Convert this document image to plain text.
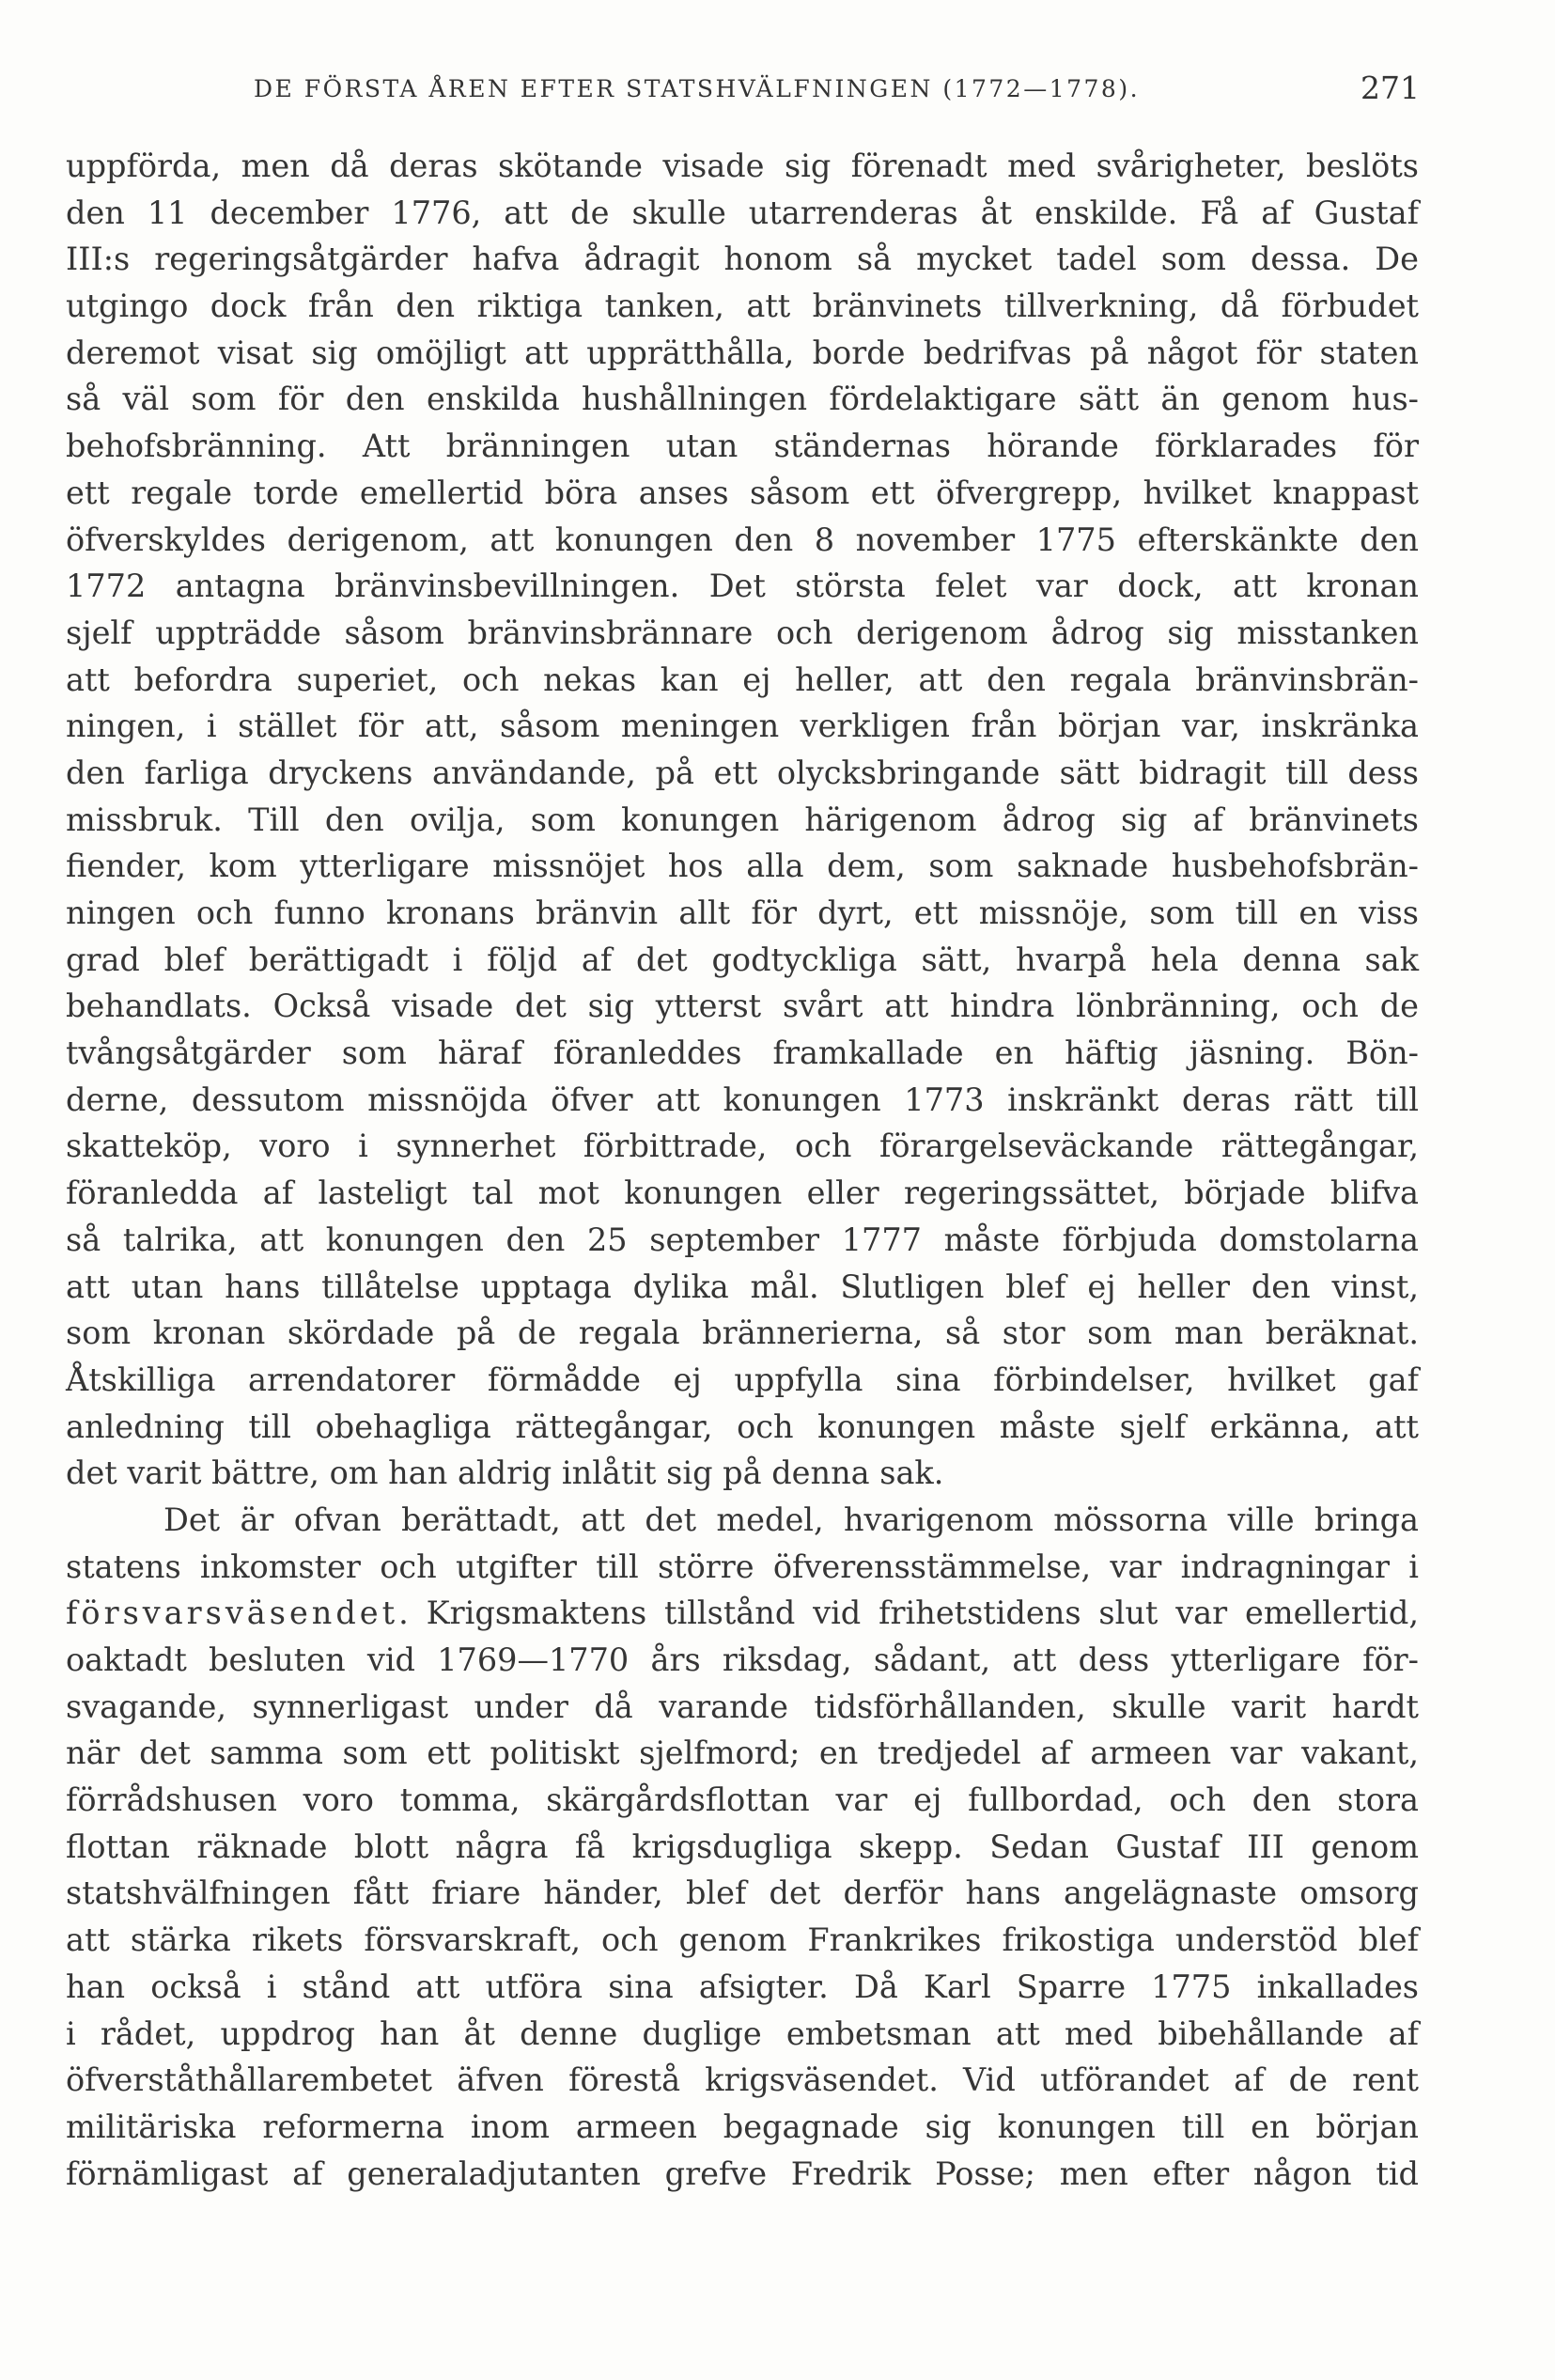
DE FÖRSTA ÅREN EFTER STATSHVÄLFNINGEN (1772—1778).	271
uppförda, men då deras skötande visade sig förenadt med svårigheter, beslöts
den 11 december 1776, att de skulle utarrenderas åt enskilde. Få af Gustaf
III:s regeringsåtgärder hafva ådragit honom så mycket tadel som dessa. De
utgingo dock från den riktiga tanken, att bränvinets tillverkning, då förbudet
deremot visat sig omöjligt att upprätthålla, borde bedrifvas på något för staten
så väl som för den enskilda hushållningen fördelaktigare sätt än genom hus-
behofsbränning. Att bränningen utan ständernas hörande förklarades för
ett regale torde emellertid böra anses såsom ett öfvergrepp, hvilket knappast
öfverskyldes derigenom, att konungen den 8 november 1775 efterskänkte den
1772 antagna bränvinsbevillningen. Det största felet var dock, att kronan
sjelf uppträdde såsom bränvinsbrännare och derigenom ådrog sig misstanken
att befordra superiet, och nekas kan ej heller, att den regala bränvinsbrän-
ningen, i stället för att, såsom meningen verkligen från början var, inskränka
den farliga dryckens användande, på ett olycksbringande sätt bidragit till dess
missbruk. Till den ovilja, som konungen härigenom ådrog sig af bränvinets
fiender, kom ytterligare missnöjet hos alla dem, som saknade husbehofsbrän-
ningen och funno kronans bränvin allt för dyrt, ett missnöje, som till en viss
grad blef berättigadt i följd af det godtyckliga sätt, hvarpå hela denna sak
behandlats. Också visade det sig ytterst svårt att hindra lönbränning, och de
tvångsåtgärder som häraf föranleddes framkallade en häftig jäsning. Bön-
derne, dessutom missnöjda öfver att konungen 1773 inskränkt deras rätt till
skatteköp, voro i synnerhet förbittrade, och förargelseväckande rättegångar,
föranledda af lasteligt tal mot konungen eller regeringssättet, började blifva
så talrika, att konungen den 25 september 1777 måste förbjuda domstolarna
att utan hans tillåtelse upptaga dylika mål. Slutligen blef ej heller den vinst,
som kronan skördade på de regala brännerierna, så stor som man beräknat.
Åtskilliga arrendatorer förmådde ej uppfylla sina förbindelser, hvilket gaf
anledning till obehagliga rättegångar, och konungen måste sjelf erkänna, att
det varit bättre, om han aldrig inlåtit sig på denna sak.
Det är ofvan berättadt, att det medel, hvarigenom mössorna ville bringa
statens inkomster och utgifter till större öfverensstämmelse, var indragningar i
försvarsväsendet. Krigsmaktens tillstånd vid frihetstidens slut var emellertid,
oaktadt besluten vid 1769—1770 års riksdag, sådant, att dess ytterligare för-
svagande, synnerligast under då varande tidsförhållanden, skulle varit hardt
när det samma som ett politiskt sjelfmord; en tredjedel af armeen var vakant,
förrådshusen voro tomma, skärgårdsflottan var ej fullbordad, och den stora
flottan räknade blott några få krigsdugliga skepp. Sedan Gustaf III genom
statshvälfningen fått friare händer, blef det derför hans angelägnaste omsorg
att stärka rikets försvarskraft, och genom Frankrikes frikostiga understöd blef
han också i stånd att utföra sina afsigter. Då Karl Sparre 1775 inkallades
i rådet, uppdrog han åt denne duglige embetsman att med bibehållande af
öfverståthållarembetet äfven förestå krigsväsendet. Vid utförandet af de rent
militäriska reformerna inom armeen begagnade sig konungen till en början
förnämligast af generaladjutanten grefve Fredrik Posse; men efter någon tid
